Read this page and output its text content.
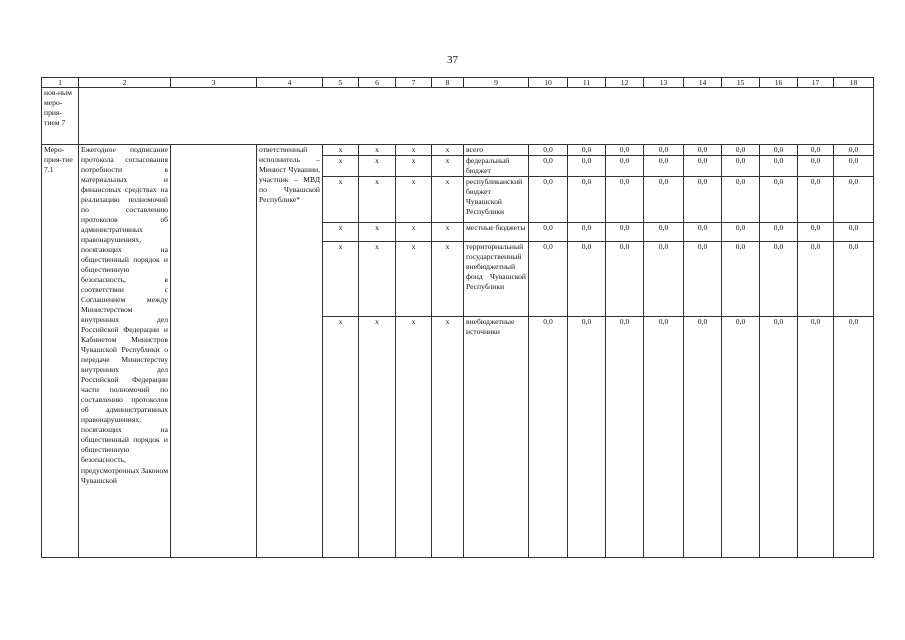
37
1	2	3	4	5	6	7	8	9	10	11	12	13	14	15	16	17	18
нов-ным меро-прия-тием 7																	
Меро-прия-тие 7.1	Ежегодное подписание протокола согласования потребности в материальных и финансовых средствах на реализацию полномочий по составлению протоколов об административных правонарушениях, посягающих на общественный порядок и общественную безопасность, в соответствии с Соглашением между Министерством внутренних дел Российской Федерации и Кабинетом Министров Чувашской Республики о передаче Министерству внутренних дел Российской Федерации части полномочий по составлению протоколов об административных правонарушениях, посягающих на общественный порядок и общественную безопасность, предусмотренных Законом Чувашской		ответственный исполнитель – Минюст Чувашии, участник – МВД по Чувашской Республике*	x	x	x	x	всего	0,0	0,0	0,0	0,0	0,0	0,0	0,0	0,0	0,0
				x	x	x	x	федеральный бюджет	0,0	0,0	0,0	0,0	0,0	0,0	0,0	0,0	0,0
				x	x	x	x	республиканский бюджет Чувашской Республики	0,0	0,0	0,0	0,0	0,0	0,0	0,0	0,0	0,0
				x	x	x	x	местные бюджеты	0,0	0,0	0,0	0,0	0,0	0,0	0,0	0,0	0,0
				x	x	x	x	территориальный государственный внебюджетный фонд Чувашской Республики	0,0	0,0	0,0	0,0	0,0	0,0	0,0	0,0	0,0
				x	x	x	x	внебюджетные источники	0,0	0,0	0,0	0,0	0,0	0,0	0,0	0,0	0,0
